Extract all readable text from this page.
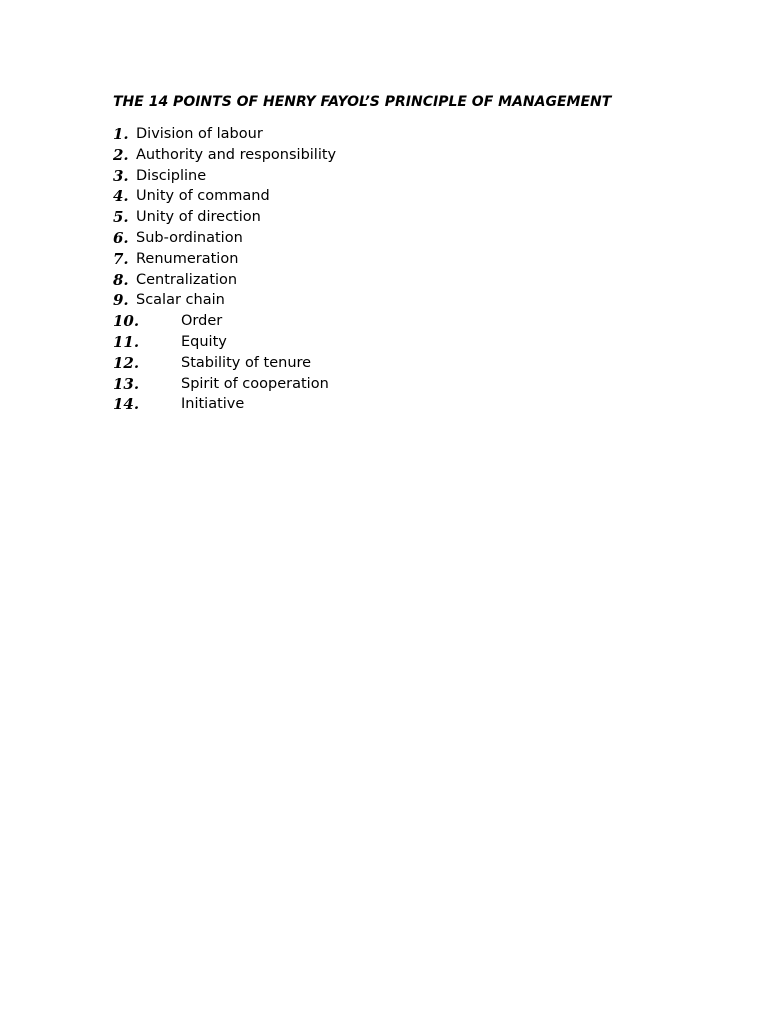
THE 14 POINTS OF HENRY FAYOL’S PRINCIPLE OF MANAGEMENT
1. Division of labour
2. Authority and responsibility
3. Discipline
4. Unity of command
5. Unity of direction
6. Sub-ordination
7. Renumeration
8. Centralization
9. Scalar chain
10.	Order
11.	Equity
12.	Stability of tenure
13.	Spirit of cooperation
14.	Initiative
